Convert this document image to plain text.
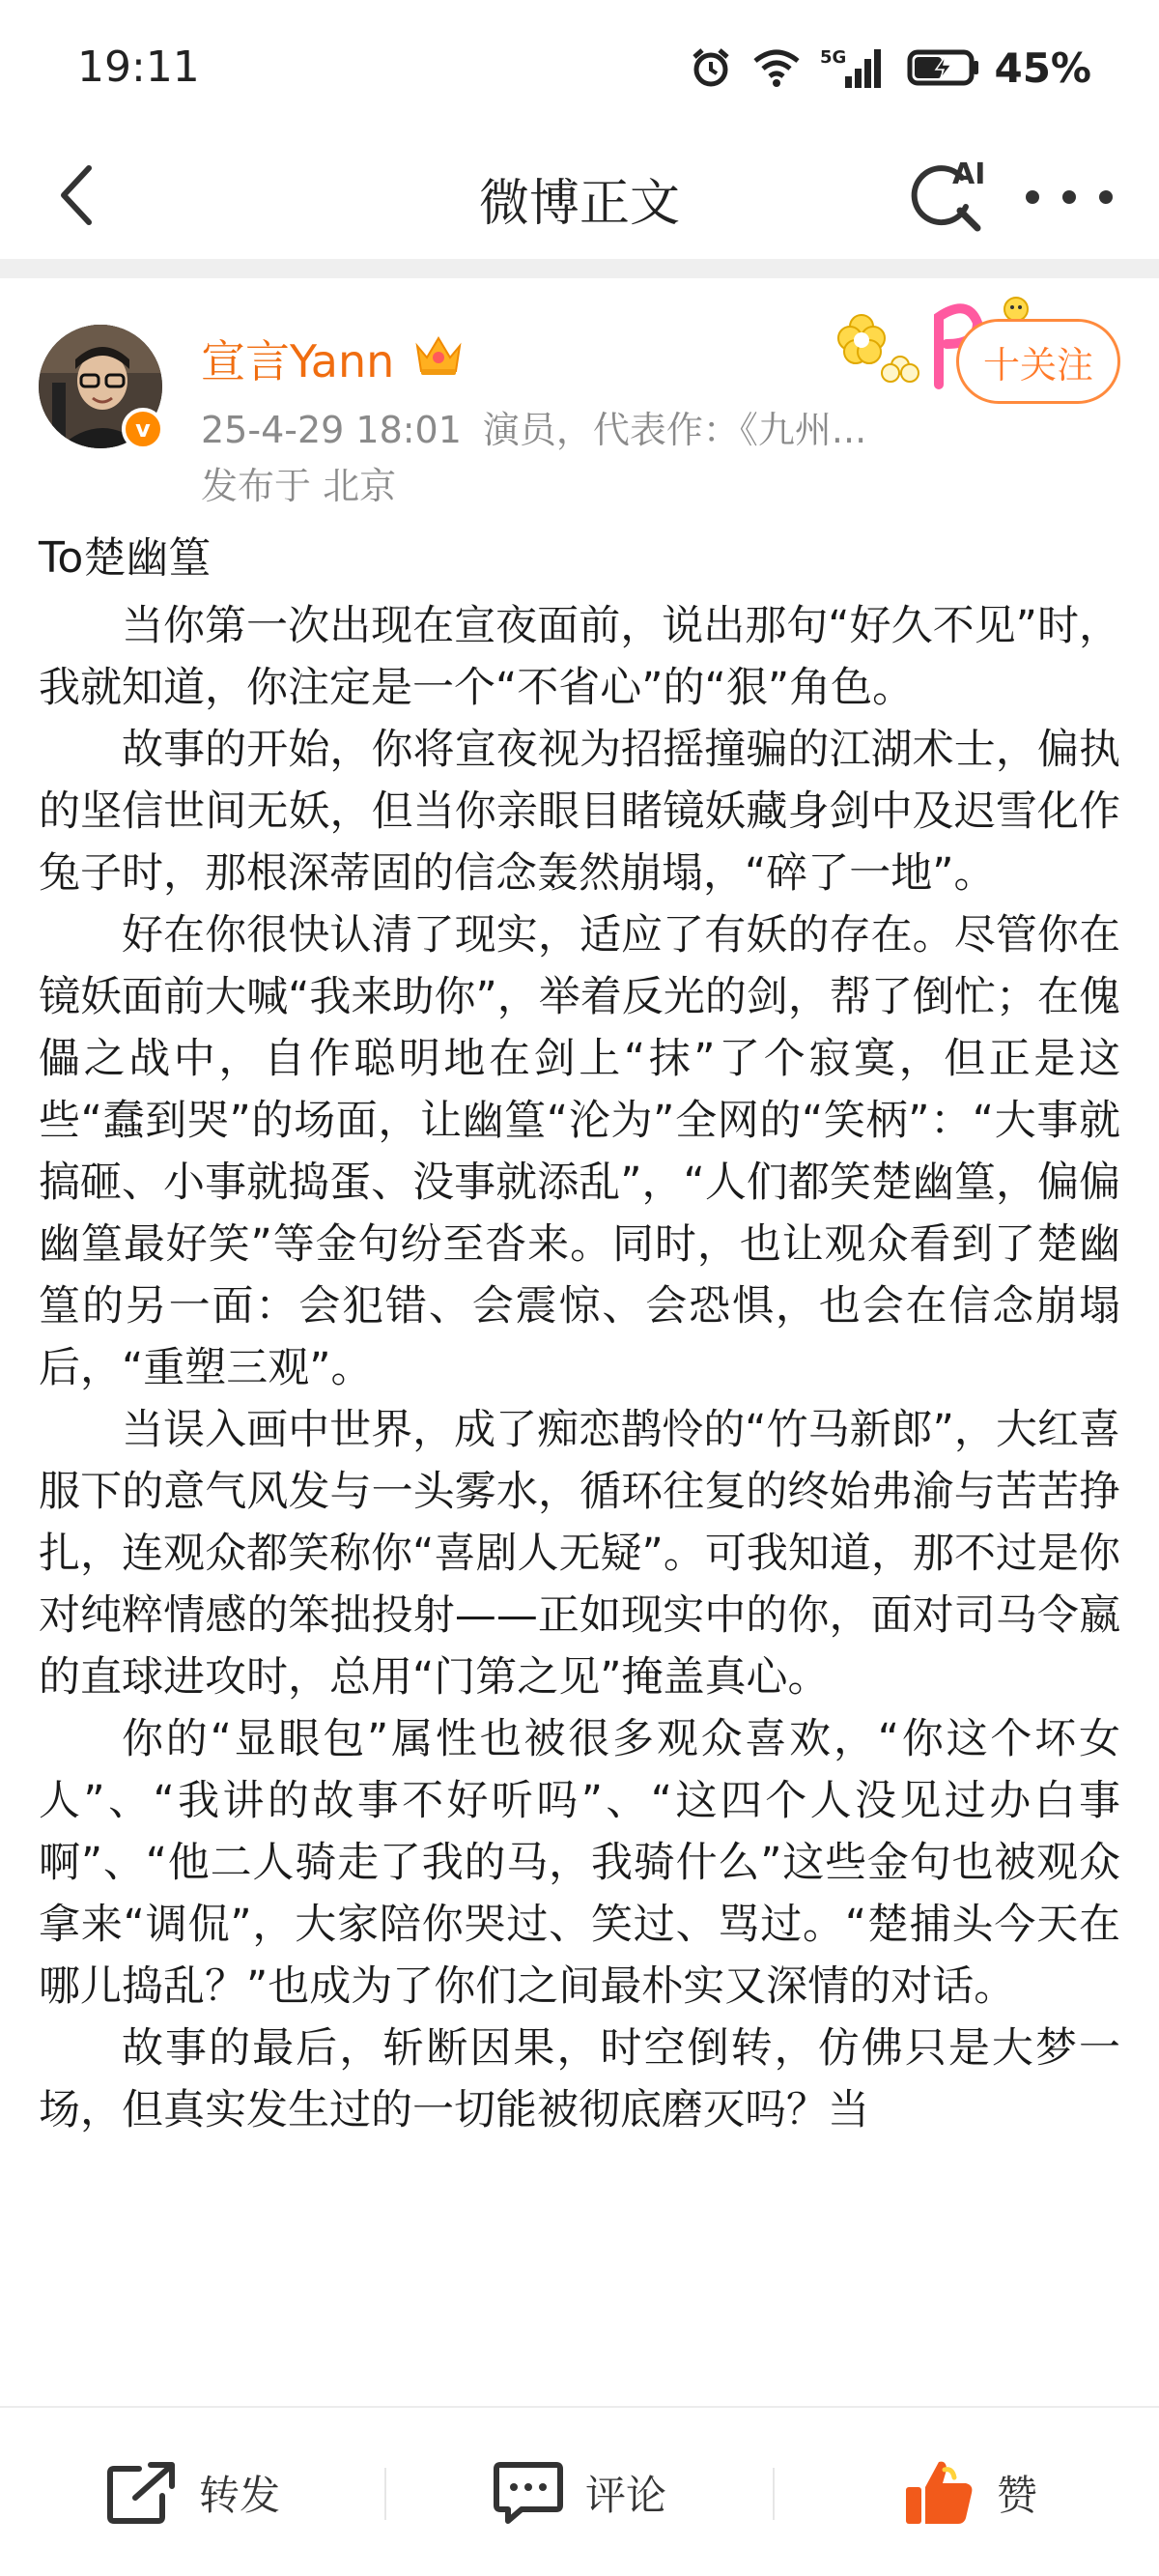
19:11	5G	45%
微博正文
AI
v
宣言Yann
25-4-29 18:01 演员，代表作：《九州...
发布于 北京
十关注
To楚幽篁

当你第一次出现在宣夜面前，说出那句“好久不见”时，我就知道，你注定是一个“不省心”的“狠”角色。

故事的开始，你将宣夜视为招摇撞骗的江湖术士，偏执的坚信世间无妖，但当你亲眼目睹镜妖藏身剑中及迟雪化作兔子时，那根深蒂固的信念轰然崩塌，“碎了一地”。

好在你很快认清了现实，适应了有妖的存在。尽管你在镜妖面前大喊“我来助你”，举着反光的剑，帮了倒忙；在傀儡之战中，自作聪明地在剑上“抹”了个寂寞，但正是这些“蠢到哭”的场面，让幽篁“沦为”全网的“笑柄”：“大事就搞砸、小事就捣蛋、没事就添乱”，“人们都笑楚幽篁，偏偏幽篁最好笑”等金句纷至沓来。同时，也让观众看到了楚幽篁的另一面：会犯错、会震惊、会恐惧，也会在信念崩塌后，“重塑三观”。

当误入画中世界，成了痴恋鹊怜的“竹马新郎”，大红喜服下的意气风发与一头雾水，循环往复的终始弗渝与苦苦挣扎，连观众都笑称你“喜剧人无疑”。可我知道，那不过是你对纯粹情感的笨拙投射——正如现实中的你，面对司马令嬴的直球进攻时，总用“门第之见”掩盖真心。

你的“显眼包”属性也被很多观众喜欢，“你这个坏女人”、“我讲的故事不好听吗”、“这四个人没见过办白事啊”、“他二人骑走了我的马，我骑什么”这些金句也被观众拿来“调侃”，大家陪你哭过、笑过、骂过。“楚捕头今天在哪儿捣乱？”也成为了你们之间最朴实又深情的对话。

故事的最后，斩断因果，时空倒转，仿佛只是大梦一场，但真实发生过的一切能被彻底磨灭吗？当

转发	评论	赞
